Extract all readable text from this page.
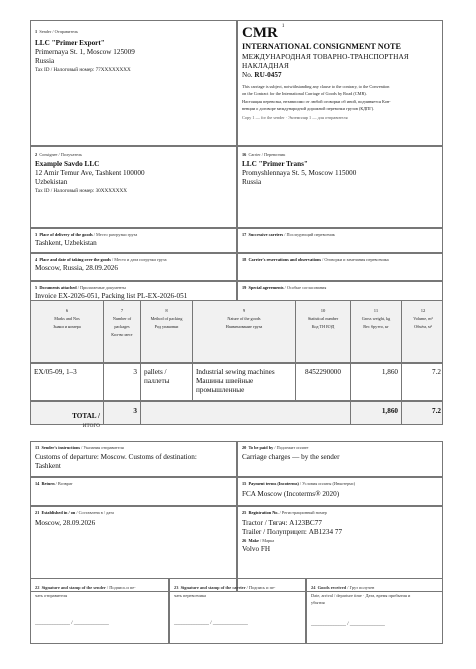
1 Sender / Отправитель
LLC "Primer Export"
Primernaya St. 1, Moscow 125009
Russia
Tax ID / Налоговый номер: 77XXXXXXXX
CMR $^1$
INTERNATIONAL CONSIGNMENT NOTE
МЕЖДУНАРОДНАЯ ТОВАРНО-ТРАНСПОРТНАЯ
НАКЛАДНАЯ
No. RU-0457
This carriage is subject, notwithstanding any clause to the contrary, to the Convention
on the Contract for the International Carriage of Goods by Road (CMR).
Настоящая перевозка, независимо от любой оговорки об иной, подчиняется Кон-
венции о договоре международной дорожной перевозки грузов (КДПГ).
Copy 1 — for the sender · Экземпляр 1 — для отправителя
2 Consignee / Получатель
Example Savdo LLC
12 Amir Temur Ave, Tashkent 100000
Uzbekistan
Tax ID / Налоговый номер: 30XXXXXXX
16 Carrier / Перевозчик
LLC "Primer Trans"
Promyshlennaya St. 5, Moscow 115000
Russia
3 Place of delivery of the goods / Место разгрузки груза
Tashkent, Uzbekistan
17 Successive carriers / Последующий перевозчик
4 Place and date of taking over the goods / Место и дата погрузки груза
Moscow, Russia, 28.09.2026
18 Carrier's reservations and observations / Оговорки и замечания перевозчика
5 Documents attached / Прилагаемые документы
Invoice EX-2026-051, Packing list PL-EX-2026-051
19 Special agreements / Особые согласования
6
Marks and Nos
Знаки и номера
7
Number of
packages
Кол-во мест
8
Method of packing
Род упаковки
9
Nature of the goods
Наименование груза
10
Statistical number
Код ТН ВЭД
11
Gross weight, kg
Вес брутто, кг
12
Volume, m³
Объём, м³
EX/05-09, 1–3	3 pallets /
паллеты
Industrial sewing machines
Машины швейные
промышленные
8452290000	1,860	7.2
TOTAL /
ИТОГО
3	1,860	7.2
13 Sender's instructions / Указания отправителя
Customs of departure: Moscow. Customs of destination:
Tashkent
20 To be paid by / Подлежит оплате
Carriage charges — by the sender
14 Return / Возврат	15 Payment terms (Incoterms) / Условия оплаты (Инкотермс)
FCA Moscow (Incoterms® 2020)
21 Established in / on / Составлена в / дата
Moscow, 28.09.2026
25 Registration No. / Регистрационный номер
Tractor / Тягач: A123BC77
Trailer / Полуприцеп: AB1234 77
26 Make / Марка
Volvo FH
22 Signature and stamp of the sender / Подпись и пе-
чать отправителя
______________ / ______________
23 Signature and stamp of the carrier / Подпись и пе-
чать перевозчика
______________ / ______________
24 Goods received / Груз получен
Date, arrival / departure time · Дата, время прибытия и
убытия
______________ / ______________
